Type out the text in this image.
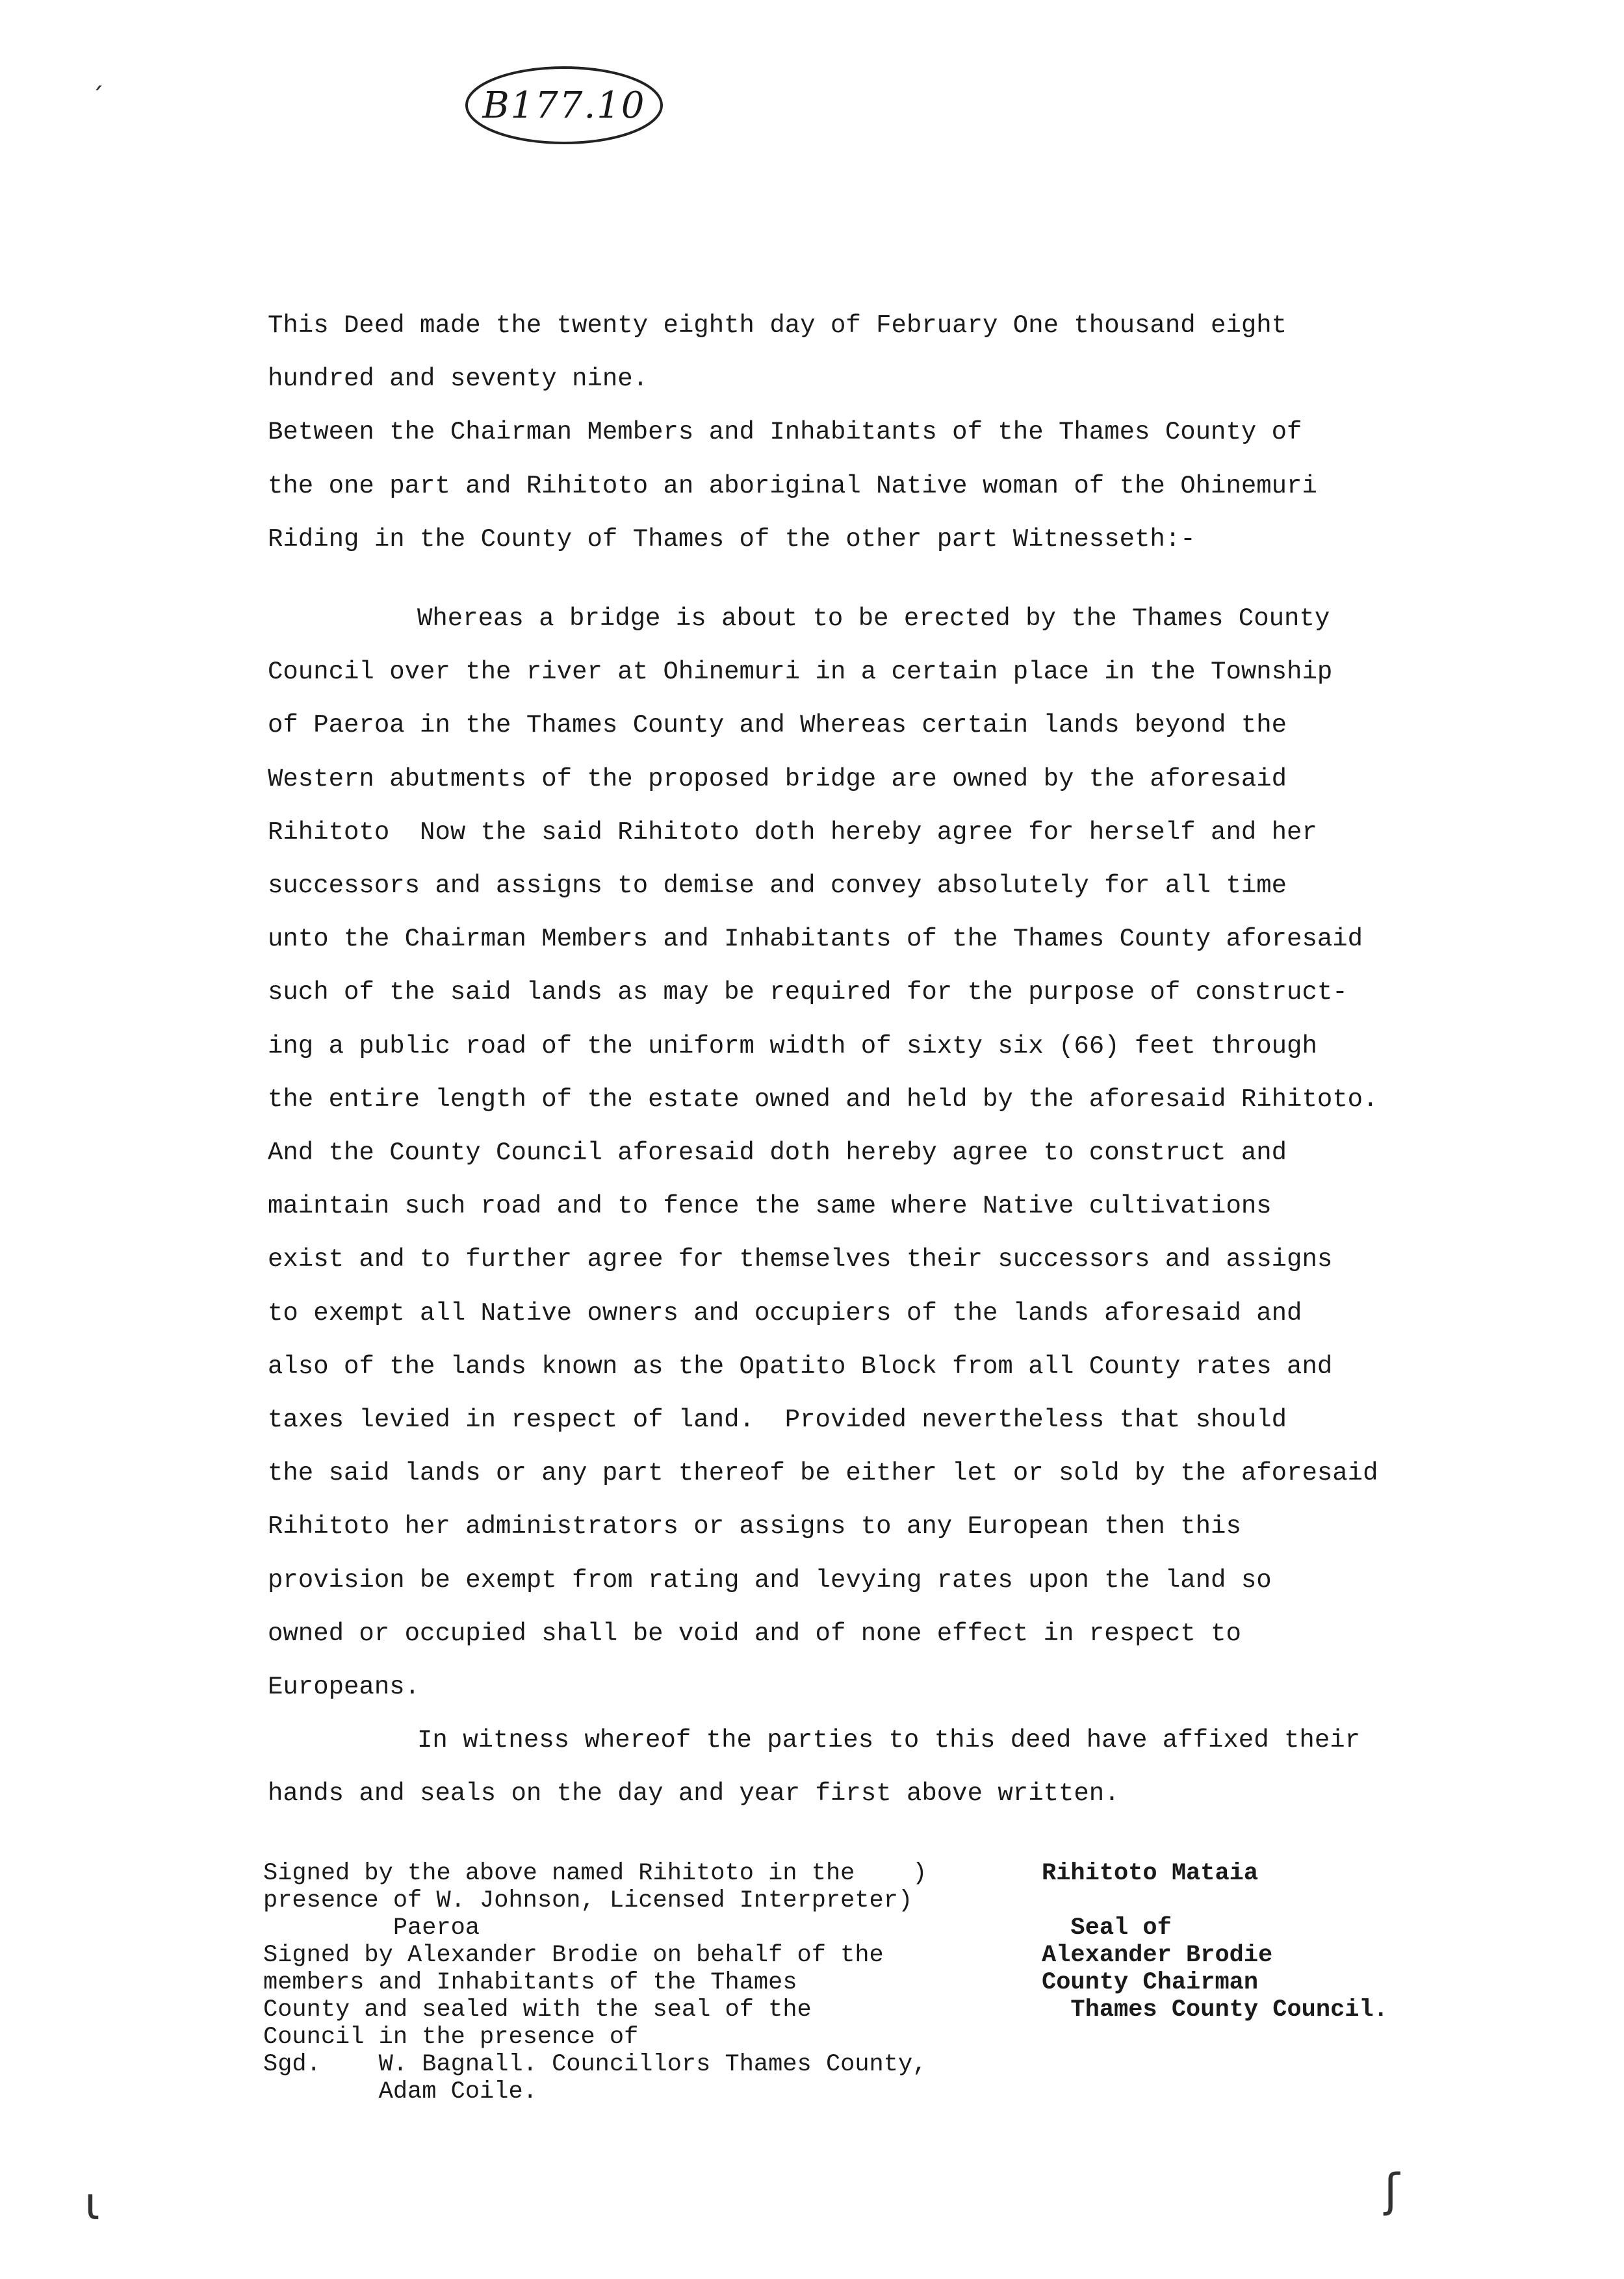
B177.10
ˊ
ɩ	ʃ
This Deed made the twenty eighth day of February One thousand eight
hundred and seventy nine.
Between the Chairman Members and Inhabitants of the Thames County of
the one part and Rihitoto an aboriginal Native woman of the Ohinemuri
Riding in the County of Thames of the other part Witnesseth:-
Whereas a bridge is about to be erected by the Thames County
Council over the river at Ohinemuri in a certain place in the Township
of Paeroa in the Thames County and Whereas certain lands beyond the
Western abutments of the proposed bridge are owned by the aforesaid
Rihitoto  Now the said Rihitoto doth hereby agree for herself and her
successors and assigns to demise and convey absolutely for all time
unto the Chairman Members and Inhabitants of the Thames County aforesaid
such of the said lands as may be required for the purpose of construct-
ing a public road of the uniform width of sixty six (66) feet through
the entire length of the estate owned and held by the aforesaid Rihitoto.
And the County Council aforesaid doth hereby agree to construct and
maintain such road and to fence the same where Native cultivations
exist and to further agree for themselves their successors and assigns
to exempt all Native owners and occupiers of the lands aforesaid and
also of the lands known as the Opatito Block from all County rates and
taxes levied in respect of land.  Provided nevertheless that should
the said lands or any part thereof be either let or sold by the aforesaid
Rihitoto her administrators or assigns to any European then this
provision be exempt from rating and levying rates upon the land so
owned or occupied shall be void and of none effect in respect to
Europeans.
In witness whereof the parties to this deed have affixed their
hands and seals on the day and year first above written.
Signed by the above named Rihitoto in the    )
presence of W. Johnson, Licensed Interpreter)
Paeroa
Signed by Alexander Brodie on behalf of the
members and Inhabitants of the Thames
County and sealed with the seal of the
Council in the presence of
Sgd.    W. Bagnall. Councillors Thames County,
Adam Coile.
Rihitoto Mataia

Seal of
Alexander Brodie
County Chairman
Thames County Council.
